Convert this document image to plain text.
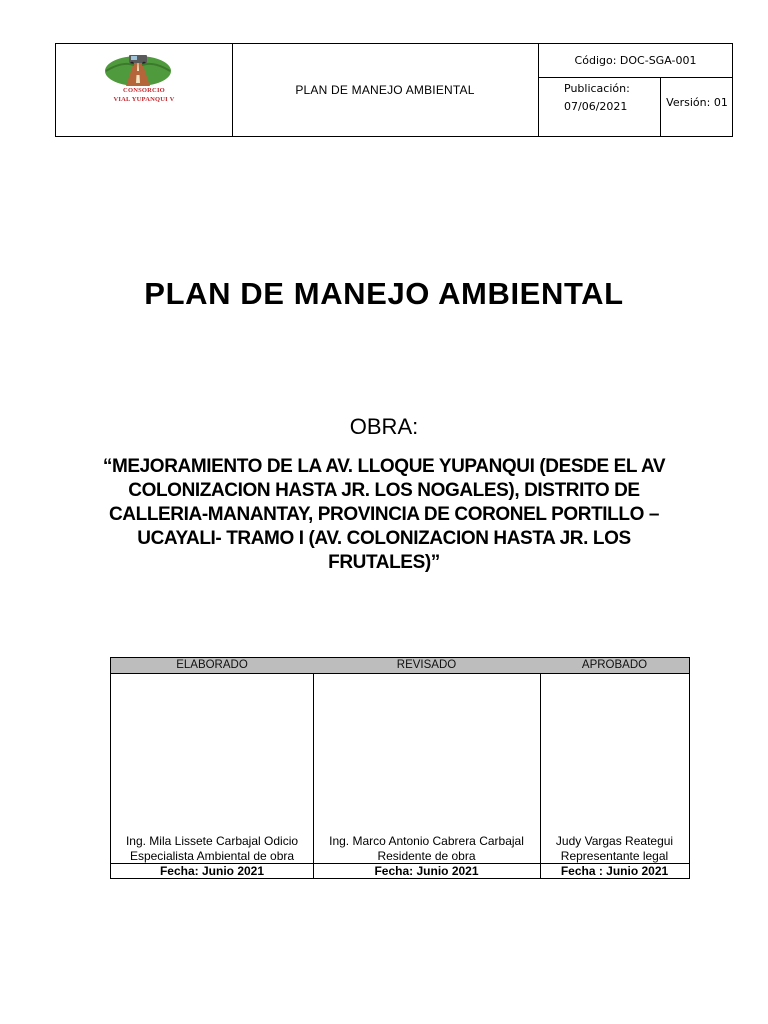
CONSORCIO
VIAL YUPANQUI V
PLAN DE MANEJO AMBIENTAL
Código: DOC-SGA-001
Publicación:
07/06/2021	Versión: 01
PLAN DE MANEJO AMBIENTAL
OBRA:
“MEJORAMIENTO DE LA AV. LLOQUE YUPANQUI (DESDE EL AV
COLONIZACION HASTA JR. LOS NOGALES), DISTRITO DE
CALLERIA-MANANTAY, PROVINCIA DE CORONEL PORTILLO –
UCAYALI- TRAMO I (AV. COLONIZACION HASTA JR. LOS
FRUTALES)”
ELABORADO
Ing. Mila Lissete Carbajal Odicio
Especialista Ambiental de obra
Fecha: Junio 2021
REVISADO
Ing. Marco Antonio Cabrera Carbajal
Residente de obra
Fecha: Junio 2021
APROBADO
Judy Vargas Reategui
Representante legal
Fecha : Junio 2021
